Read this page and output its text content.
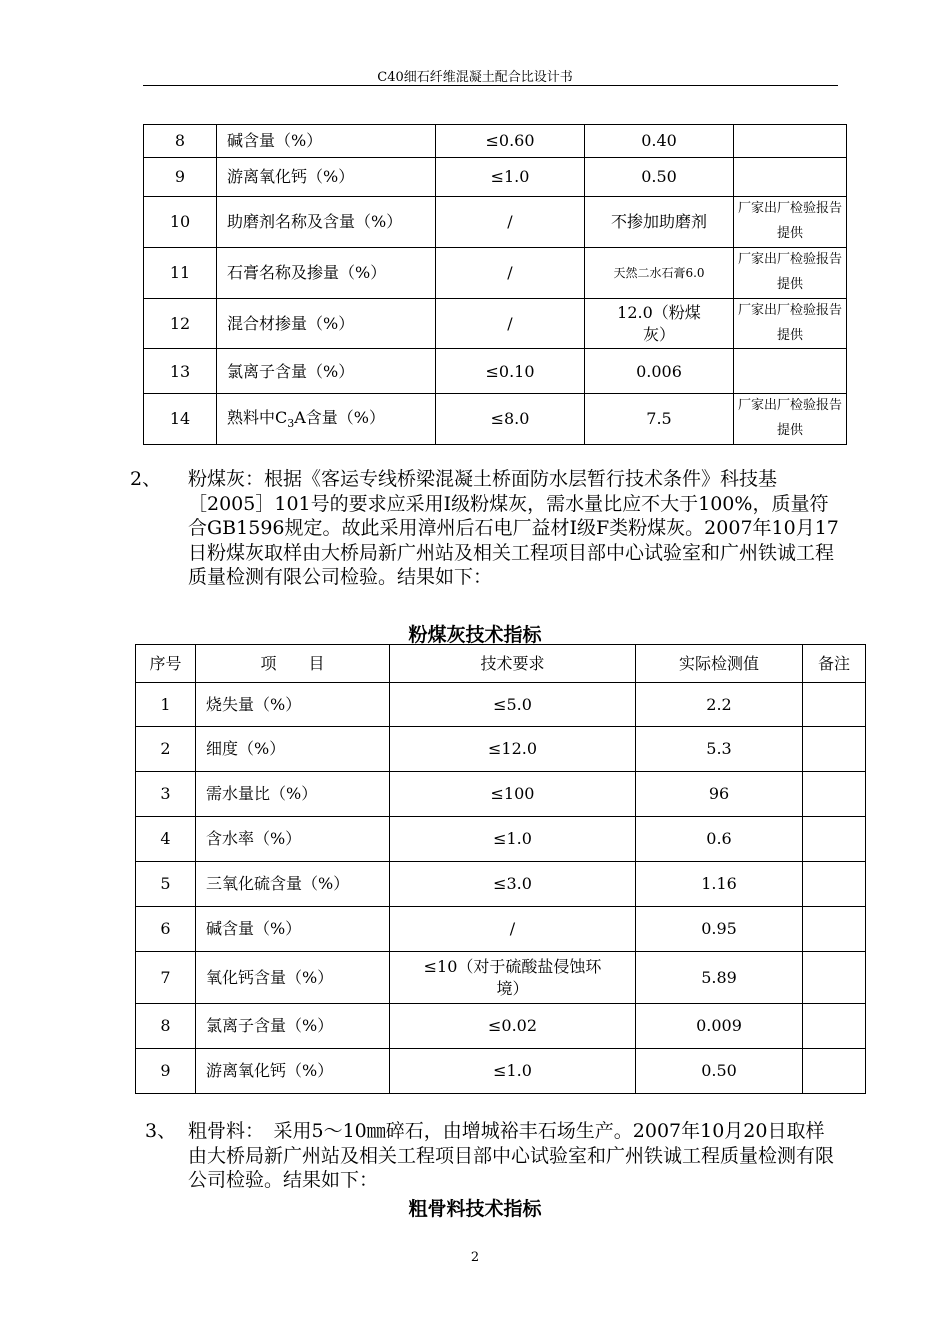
C40细石纤维混凝土配合比设计书
8	碱含量（%）	≤0.60	0.40	
9	游离氧化钙（%）	≤1.0	0.50	
10	助磨剂名称及含量（%）	/	不掺加助磨剂	厂家出厂检验报告提供
11	石膏名称及掺量（%）	/	天然二水石膏6.0	厂家出厂检验报告提供
12	混合材掺量（%）	/	12.0（粉煤灰）	厂家出厂检验报告提供
13	氯离子含量（%）	≤0.10	0.006	
14	熟料中$C_3A$含量（%）	≤8.0	7.5	厂家出厂检验报告提供
2、 粉煤灰：根据《客运专线桥梁混凝土桥面防水层暂行技术条件》科技基［2005］101号的要求应采用Ⅰ级粉煤灰，需水量比应不大于100%，质量符合GB1596规定。故此采用漳州后石电厂益材Ⅰ级F类粉煤灰。2007年10月17日粉煤灰取样由大桥局新广州站及相关工程项目部中心试验室和广州铁诚工程质量检测有限公司检验。结果如下：
粉煤灰技术指标
序号	项　　目	技术要求	实际检测值	备注
1	烧失量（%）	≤5.0	2.2	
2	细度（%）	≤12.0	5.3	
3	需水量比（%）	≤100	96	
4	含水率（%）	≤1.0	0.6	
5	三氧化硫含量（%）	≤3.0	1.16	
6	碱含量（%）	/	0.95	
7	氧化钙含量（%）	≤10（对于硫酸盐侵蚀环境）	5.89	
8	氯离子含量（%）	≤0.02	0.009	
9	游离氧化钙（%）	≤1.0	0.50	
3、 粗骨料：　采用5～10㎜碎石，由增城裕丰石场生产。2007年10月20日取样由大桥局新广州站及相关工程项目部中心试验室和广州铁诚工程质量检测有限公司检验。结果如下：
粗骨料技术指标
2
